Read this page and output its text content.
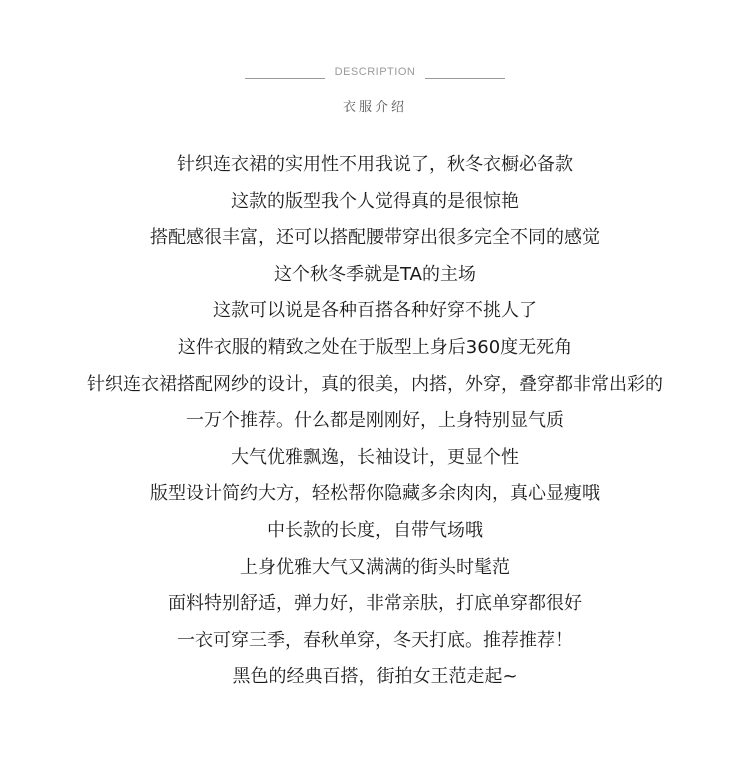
DESCRIPTION
衣服介绍
针织连衣裙的实用性不用我说了，秋冬衣橱必备款
这款的版型我个人觉得真的是很惊艳
搭配感很丰富，还可以搭配腰带穿出很多完全不同的感觉
这个秋冬季就是TA的主场
这款可以说是各种百搭各种好穿不挑人了
这件衣服的精致之处在于版型上身后360度无死角
针织连衣裙搭配网纱的设计，真的很美，内搭，外穿，叠穿都非常出彩的
一万个推荐。什么都是刚刚好，上身特别显气质
大气优雅飘逸，长袖设计，更显个性
版型设计简约大方，轻松帮你隐藏多余肉肉，真心显瘦哦
中长款的长度，自带气场哦
上身优雅大气又满满的街头时髦范
面料特别舒适，弹力好，非常亲肤，打底单穿都很好
一衣可穿三季，春秋单穿，冬天打底。推荐推荐！
黑色的经典百搭，街拍女王范走起~
